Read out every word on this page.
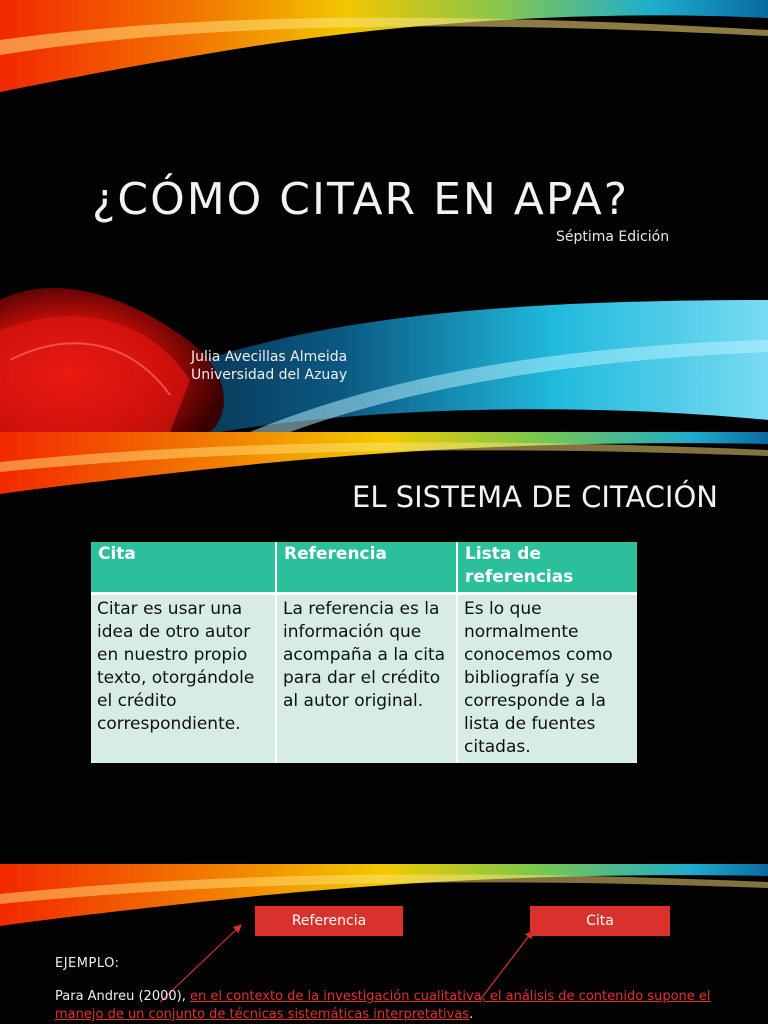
¿CÓMO CITAR EN APA?
Séptima Edición
Julia Avecillas Almeida
Universidad del Azuay
EL SISTEMA DE CITACIÓN
Cita	Referencia	Lista de referencias
Citar es usar una idea de otro autor en nuestro propio texto, otorgándole el crédito correspondiente.	La referencia es la información que acompaña a la cita para dar el crédito al autor original.	Es lo que normalmente conocemos como bibliografía y se corresponde a la lista de fuentes citadas.
Referencia	Cita
EJEMPLO:
Para Andreu (2000), en el contexto de la investigación cualitativa, el análisis de contenido supone el manejo de un conjunto de técnicas sistemáticas interpretativas.
